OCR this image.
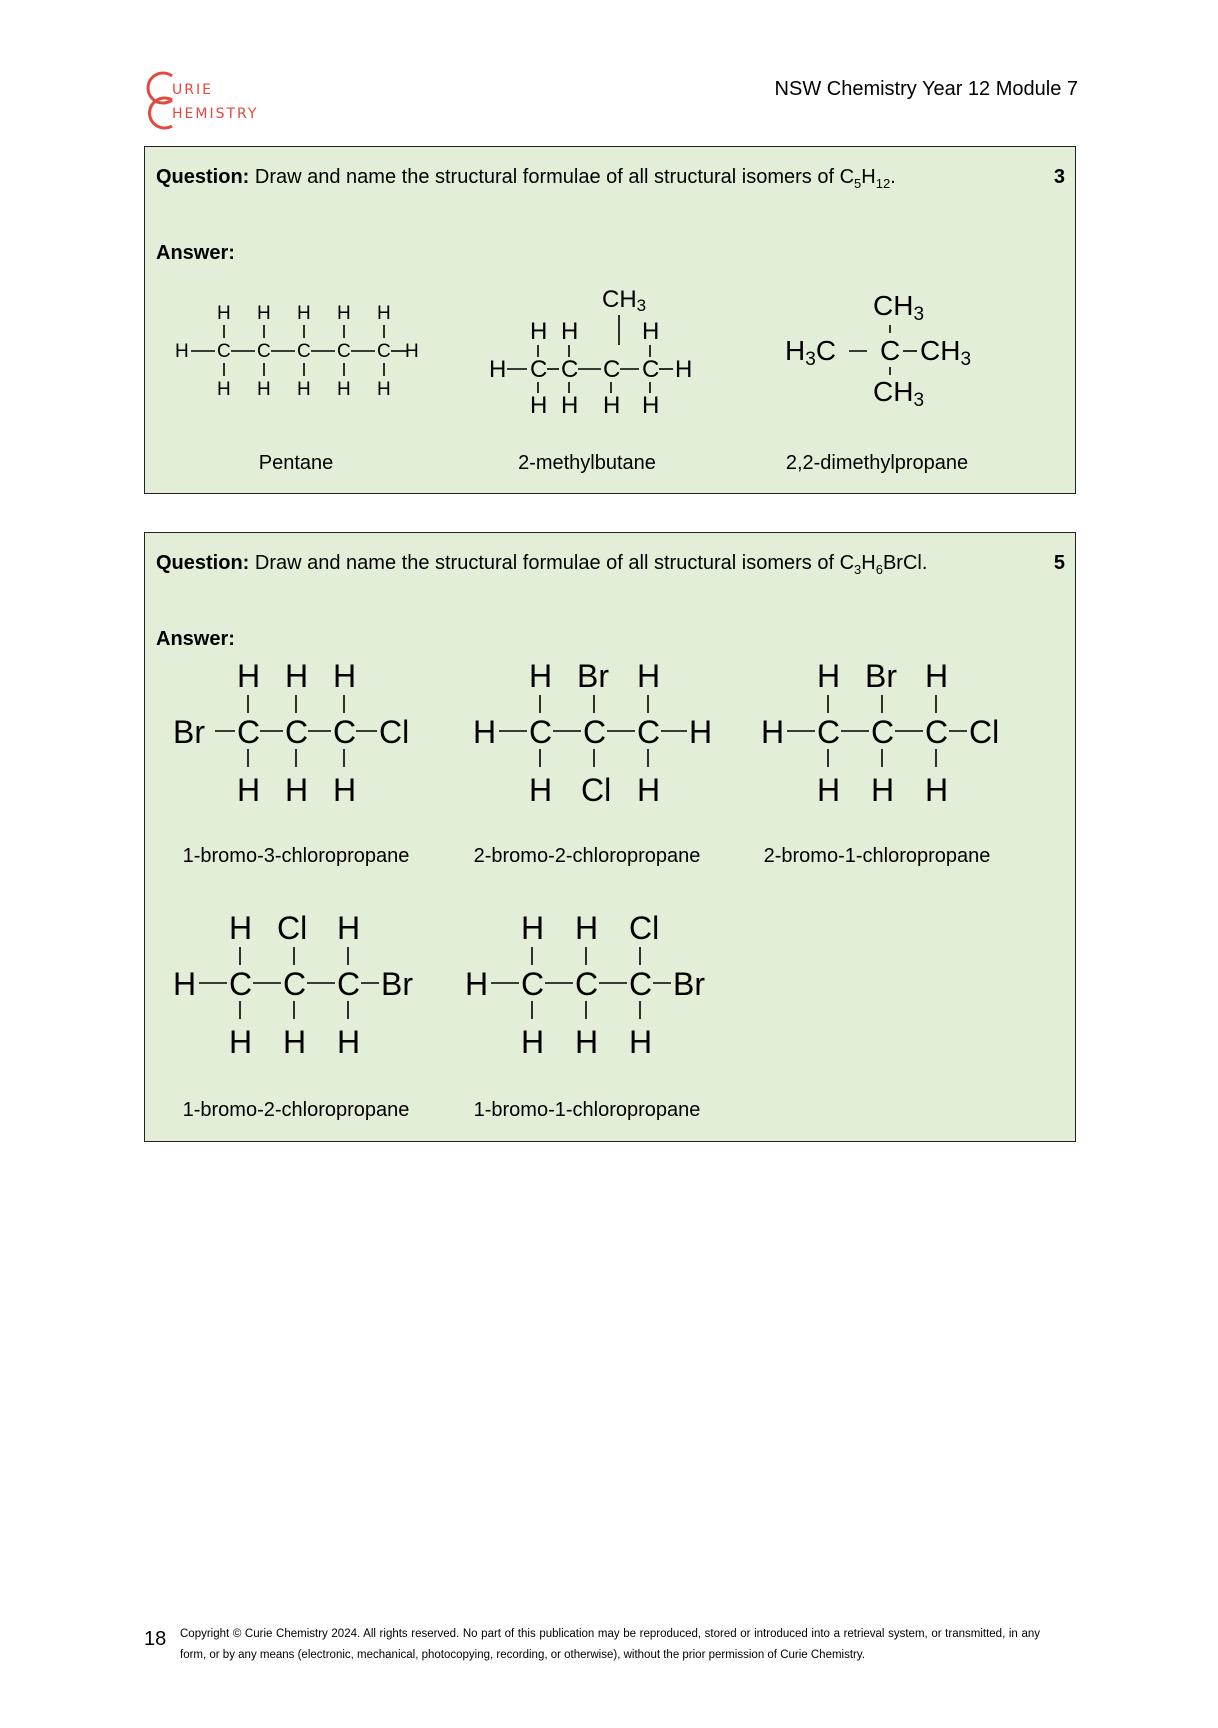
URIE
HEMISTRY
NSW Chemistry Year 12 Module 7
Question: Draw and name the structural formulae of all structural isomers of $C_5H_{12}$.	3
Answer:
H H H H H
H C C C C C H
H H H H H
Pentane
CH3
H H	H
H C C C C H
H H H H
2-methylbutane
CH3
H3C C CH3
CH3
2,2-dimethylpropane
Question: Draw and name the structural formulae of all structural isomers of $C_3H_6BrCl$.	5
Answer:
H H H
Br C C C Cl
H H H
1-bromo-3-chloropropane
H Br H
H C C C H
H Cl H
2-bromo-2-chloropropane
H Br H
H C C C Cl
H H H
2-bromo-1-chloropropane
H Cl H
H C C C Br
H H H
1-bromo-2-chloropropane
H H Cl
H C C C Br
H H H
1-bromo-1-chloropropane
18 Copyright © Curie Chemistry 2024. All rights reserved. No part of this publication may be reproduced, stored or introduced into a retrieval system, or transmitted, in any form, or by any means (electronic, mechanical, photocopying, recording, or otherwise), without the prior permission of Curie Chemistry.
